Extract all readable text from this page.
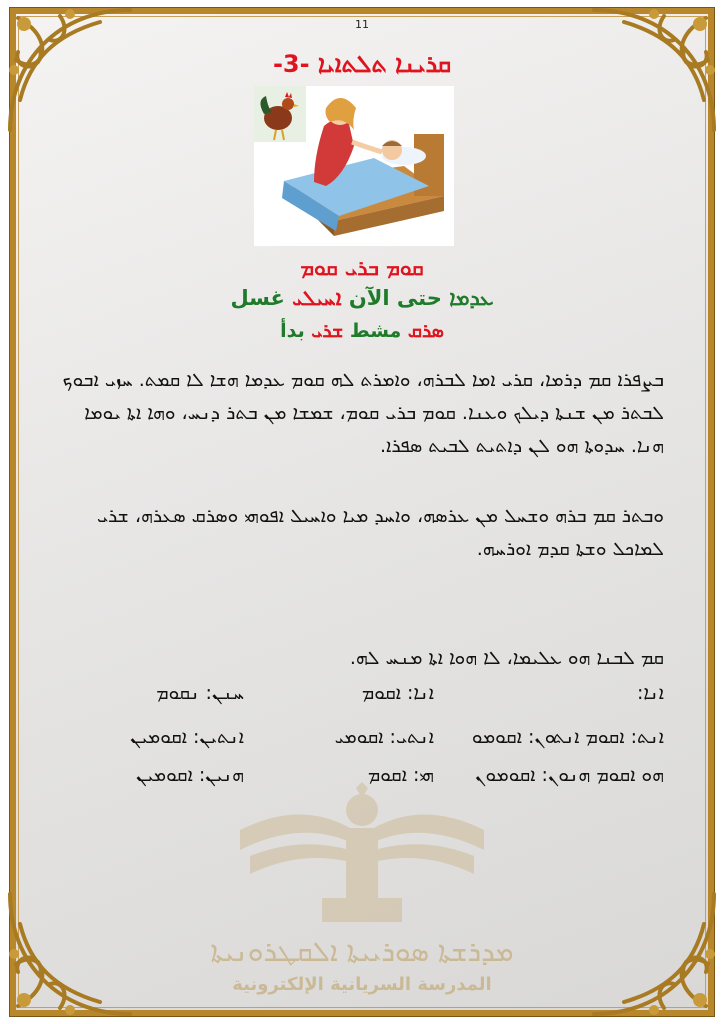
11
ܩܪܝܢܐ ܬܠܬܐܝܐ -3-
ܩܘܡ ܒܪܝ ܩܘܡ
ܥܕܡܐ حتى الآن ܐܚܝܠܝ غسل
ܣܪܩ مشط ܫܪܝ بدأ
ܒܨܦܪܐ ܩܡ ܕܪܡܐ، ܩܪܝ ܐܡܐ ܠܒܪܗ، ܘܐܡܪܬ ܠܗ ܩܘܡ ܥܕܡܐ ܗܫܐ ܠܐ ܩܡܬ. ܚܙܝ ܐܒܘܟ ܠܒܬܪ ܡܢ ܫܢܬܐ ܕܝܠܟ ܘܥܢܐ. ܩܘܡ ܒܪܝ ܩܘܡ، ܫܡܫܐ ܡܢ ܒܬܪ ܕܢܚ، ܘܗܐ ܐܬܐ ܝܘܡܐ ܗܢܐ. ܚܕܘܬܐ ܗܘ ܠܢ ܕܐܬܝܬ ܠܒܝܬ ܣܦܪܐ.
ܘܒܬܪ ܩܡ ܒܪܗ ܘܫܚܠ ܡܢ ܥܪܣܗ، ܘܐܚܕ ܡܝܐ ܘܐܚܝܠ ܐܦܘܗܝ ܘܣܪܩ ܣܥܪܗ، ܫܪܝ ܠܡܐܟܠ ܘܫܬܐ ܩܕܡ ܐܘܪܚܗ.
ܩܡ ܠܒܢܐ ܗܘ ܥܠܝܡܐ، ܠܐ ܗܘܐ ܐܬܐ ܡܢܚ ܠܗ.
ܐܢܐ:
ܐܢܐ: ܐܩܘܡ
ܚܢܢ: ܢܩܘܡ
ܐܢܬ: ܐܩܘܡ ܐܢܬܘܢ: ܐܩܘܡܘ
ܐܢܬܝ: ܐܩܘܡܝ
ܐܢܬܝܢ: ܐܩܘܡܝܢ
ܗܘ ܐܩܘܡ ܗܢܘܢ: ܐܩܘܡܘܢ
ܗܝ: ܐܩܘܡ
ܗܢܝܢ: ܐܩܘܡܝܢ
ܡܕܪܫܬܐ ܣܘܪܝܝܬܐ ܐܠܩܛܪܘܢܝܬܐ
المدرسة السريانية الإلكترونية
